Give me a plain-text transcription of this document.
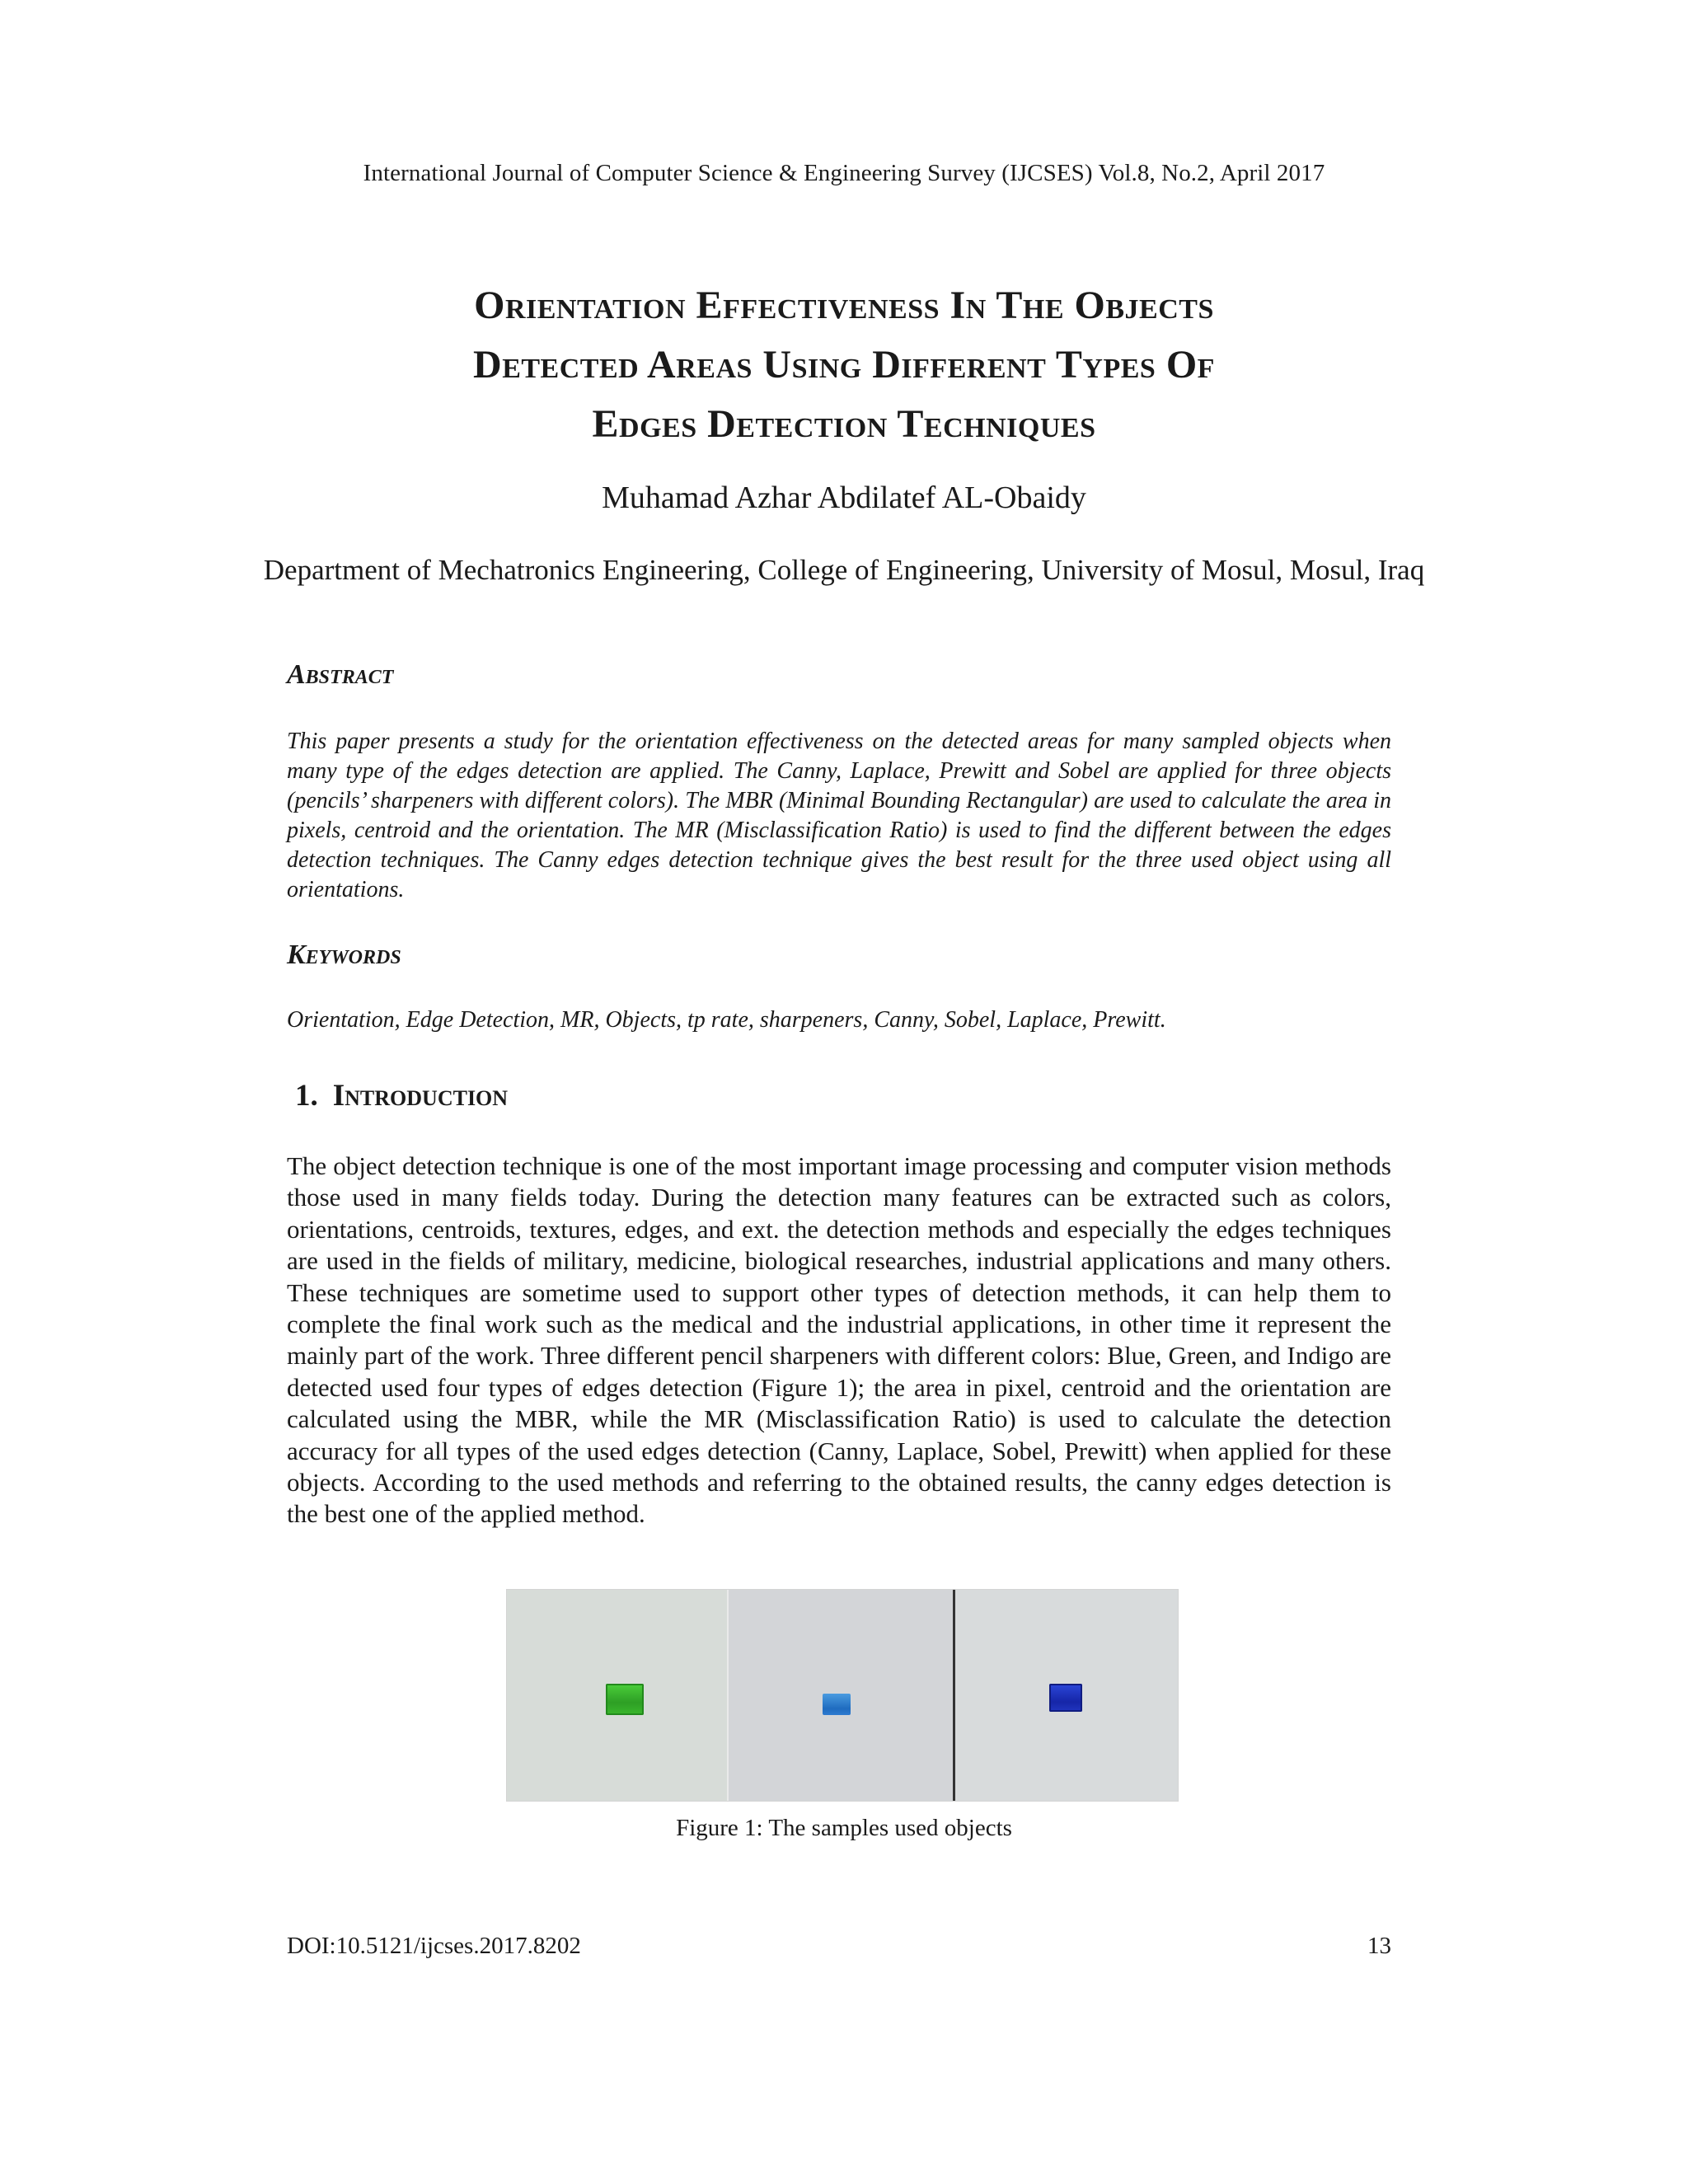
International Journal of Computer Science & Engineering Survey (IJCSES) Vol.8, No.2, April 2017
Orientation Effectiveness In The Objects
Detected Areas Using Different Types Of
Edges Detection Techniques
Muhamad Azhar Abdilatef AL-Obaidy
Department of Mechatronics Engineering, College of Engineering, University of Mosul, Mosul, Iraq
Abstract

This paper presents a study for the orientation effectiveness on the detected areas for many sampled objects when many type of the edges detection are applied. The Canny, Laplace, Prewitt and Sobel are applied for three objects (pencils’ sharpeners with different colors). The MBR (Minimal Bounding Rectangular) are used to calculate the area in pixels, centroid and the orientation. The MR (Misclassification Ratio) is used to find the different between the edges detection techniques. The Canny edges detection technique gives the best result for the three used object using all orientations.

Keywords

Orientation, Edge Detection, MR, Objects, tp rate, sharpeners, Canny, Sobel, Laplace, Prewitt.

1. Introduction

The object detection technique is one of the most important image processing and computer vision methods those used in many fields today. During the detection many features can be extracted such as colors, orientations, centroids, textures, edges, and ext. the detection methods and especially the edges techniques are used in the fields of military, medicine, biological researches, industrial applications and many others. These techniques are sometime used to support other types of detection methods, it can help them to complete the final work such as the medical and the industrial applications, in other time it represent the mainly part of the work. Three different pencil sharpeners with different colors: Blue, Green, and Indigo are detected used four types of edges detection (Figure 1); the area in pixel, centroid and the orientation are calculated using the MBR, while the MR (Misclassification Ratio) is used to calculate the detection accuracy for all types of the used edges detection (Canny, Laplace, Sobel, Prewitt) when applied for these objects. According to the used methods and referring to the obtained results, the canny edges detection is the best one of the applied method.

Figure 1: The samples used objects
DOI:10.5121/ijcses.2017.8202	13
